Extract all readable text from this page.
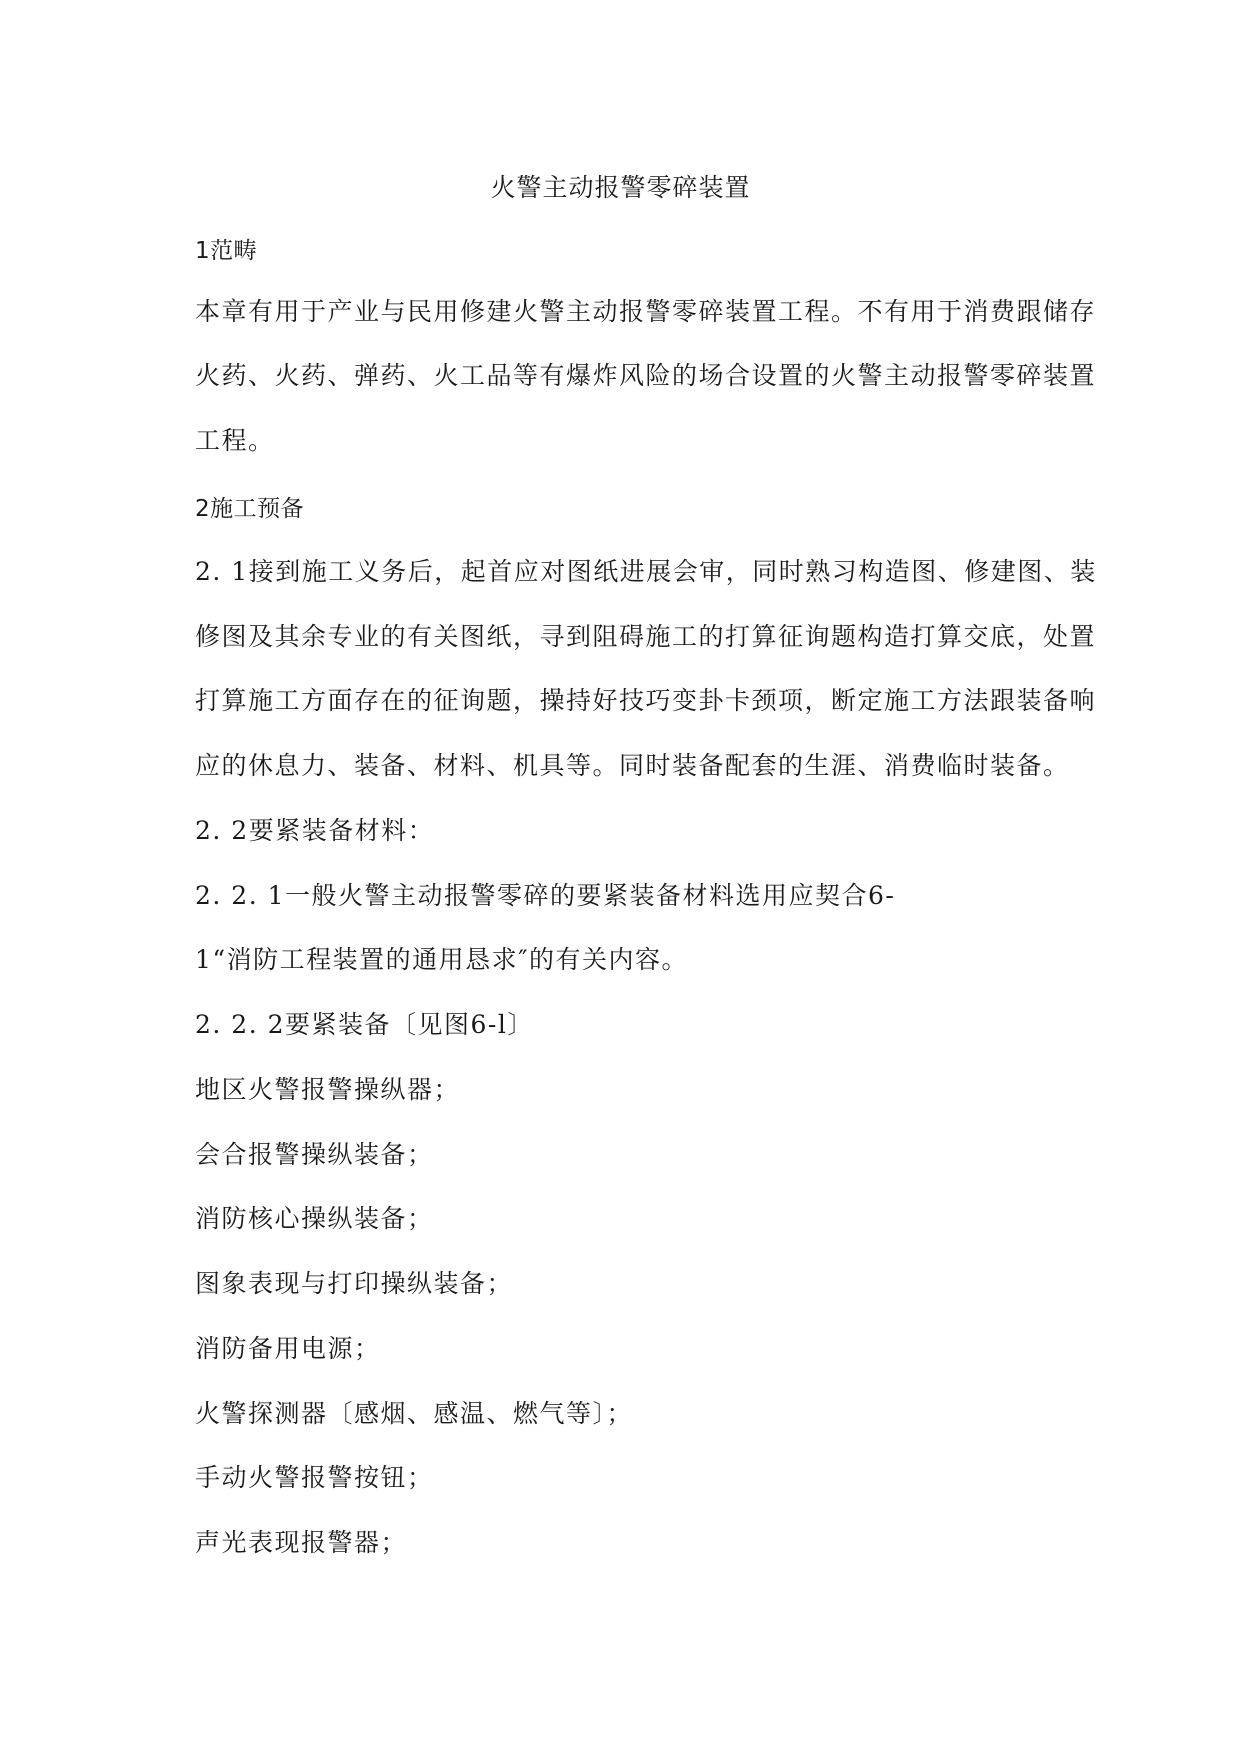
火警主动报警零碎装置
1范畴
本章有用于产业与民用修建火警主动报警零碎装置工程。不有用于消费跟储存
火药、火药、弹药、火工品等有爆炸风险的场合设置的火警主动报警零碎装置
工程。
2施工预备
2. 1接到施工义务后，起首应对图纸进展会审，同时熟习构造图、修建图、装
修图及其余专业的有关图纸，寻到阻碍施工的打算征询题构造打算交底，处置
打算施工方面存在的征询题，操持好技巧变卦卡颈项，断定施工方法跟装备响
应的休息力、装备、材料、机具等。同时装备配套的生涯、消费临时装备。
2. 2要紧装备材料：
2. 2. 1一般火警主动报警零碎的要紧装备材料选用应契合6-
1“消防工程装置的通用恳求″的有关内容。
2. 2. 2要紧装备〔见图6-l〕
地区火警报警操纵器；
会合报警操纵装备；
消防核心操纵装备；
图象表现与打印操纵装备；
消防备用电源；
火警探测器〔感烟、感温、燃气等〕；
手动火警报警按钮；
声光表现报警器；
